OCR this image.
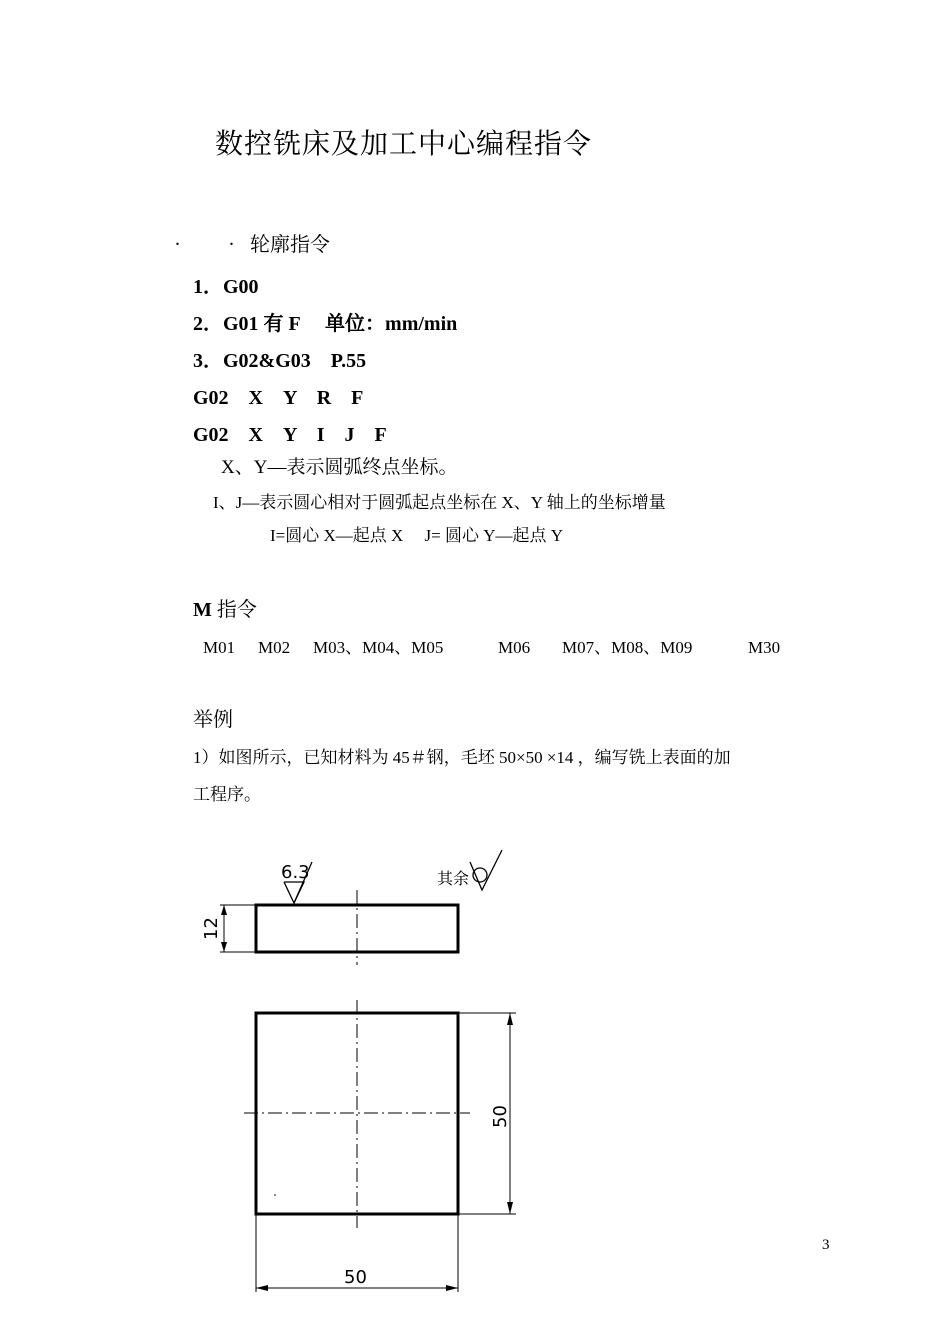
数控铣床及加工中心编程指令
. .
轮廓指令
1．G00
2．G01 有 F　 单位：mm/min
3．G02&G03　P.55
G02　X　Y　R　F
G02　X　Y　I　J　F
X、Y—表示圆弧终点坐标。
I、J—表示圆心相对于圆弧起点坐标在 X、Y 轴上的坐标增量
I=圆心 X—起点 X　 J= 圆心 Y—起点 Y
M 指令
M01 M02 M03、M04、M05	M06 M07、M08、M09	M30
举例
1）如图所示，已知材料为 45＃钢，毛坯 50×50 ×14 ，编写铣上表面的加
工程序。
6.3	其余
12
50
50
3
